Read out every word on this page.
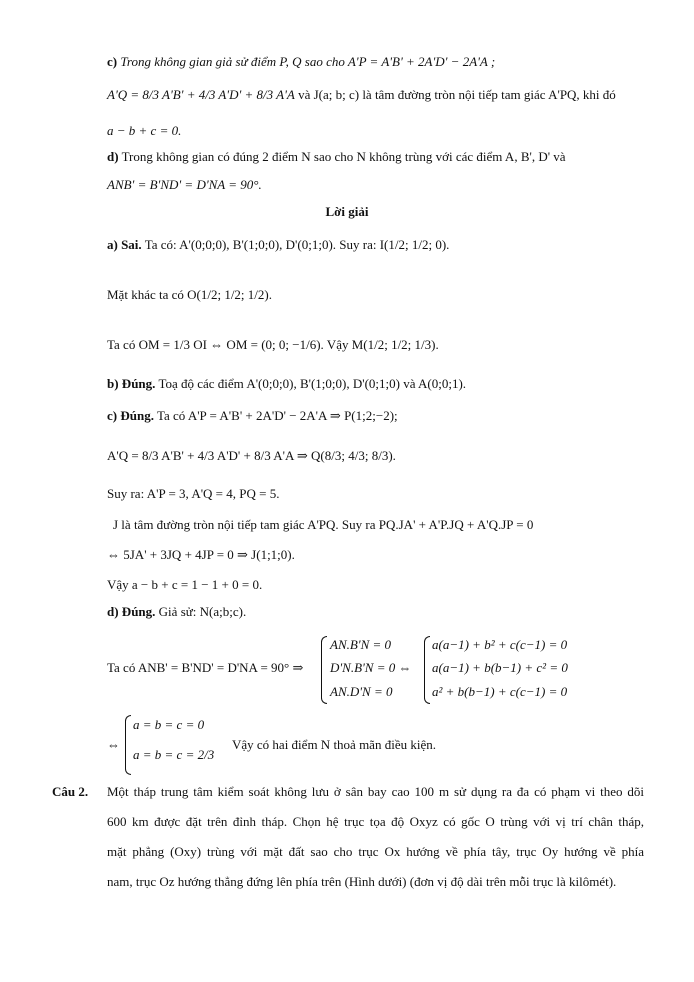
c) Trong không gian giả sử điểm P, Q sao cho A'P = A'B' + 2A'D' − 2A'A ;
A'Q = 8/3 A'B' + 4/3 A'D' + 8/3 A'A và J(a; b; c) là tâm đường tròn nội tiếp tam giác A'PQ, khi đó
a − b + c = 0.
d) Trong không gian có đúng 2 điểm N sao cho N không trùng với các điểm A, B', D' và
ANB' = B'ND' = D'NA = 90°.
Lời giải
a) Sai. Ta có: A'(0;0;0), B'(1;0;0), D'(0;1;0). Suy ra: I(1/2; 1/2; 0).
Mặt khác ta có O(1/2; 1/2; 1/2).
Ta có OM = 1/3 OI ⇔ OM = (0; 0; −1/6). Vậy M(1/2; 1/2; 1/3).
b) Đúng. Toạ độ các điểm A'(0;0;0), B'(1;0;0), D'(0;1;0) và A(0;0;1).
c) Đúng. Ta có A'P = A'B' + 2A'D' − 2A'A ⇒ P(1;2;−2);
A'Q = 8/3 A'B' + 4/3 A'D' + 8/3 A'A ⇒ Q(8/3; 4/3; 8/3).
Suy ra: A'P = 3, A'Q = 4, PQ = 5.
J là tâm đường tròn nội tiếp tam giác A'PQ. Suy ra PQ.JA' + A'P.JQ + A'Q.JP = 0
⇔ 5JA' + 3JQ + 4JP = 0 ⇒ J(1;1;0).
Vậy a − b + c = 1 − 1 + 0 = 0.
d) Đúng. Giả sử: N(a;b;c).
Ta có ANB' = B'ND' = D'NA = 90° ⇒
AN.B'N = 0
D'N.B'N = 0 ⇔
AN.D'N = 0
a(a−1) + b² + c(c−1) = 0
a(a−1) + b(b−1) + c² = 0
a² + b(b−1) + c(c−1) = 0
⇔
a = b = c = 0
a = b = c = 2/3
Vậy có hai điểm N thoả mãn điều kiện.
Câu 2. Một tháp trung tâm kiểm soát không lưu ở sân bay cao 100 m sử dụng ra đa có phạm vi theo dõi
600 km được đặt trên đỉnh tháp. Chọn hệ trục tọa độ Oxyz có gốc O trùng với vị trí chân tháp,
mặt phẳng (Oxy) trùng với mặt đất sao cho trục Ox hướng về phía tây, trục Oy hướng về phía
nam, trục Oz hướng thẳng đứng lên phía trên (Hình dưới) (đơn vị độ dài trên mỗi trục là kilômét).
